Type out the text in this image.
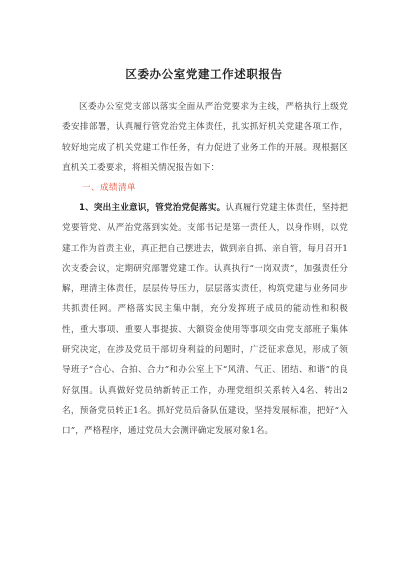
区委办公室党建工作述职报告
区委办公室党支部以落实全面从严治党要求为主线，严格执行上级党委安排部署，认真履行管党治党主体责任，扎实抓好机关党建各项工作，较好地完成了机关党建工作任务，有力促进了业务工作的开展。现根据区直机关工委要求，将相关情况报告如下：
一、成绩清单
1、突出主业意识，管党治党促落实。认真履行党建主体责任，坚持把党要管党、从严治党落到实处。支部书记是第一责任人，以身作则，以党建工作为首责主业，真正把自己摆进去，做到亲自抓、亲自管，每月召开1次支委会议，定期研究部署党建工作。认真执行“一岗双责”，加强责任分解，理清主体责任，层层传导压力，层层落实责任，构筑党建与业务同步共抓责任网。严格落实民主集中制，充分发挥班子成员的能动性和积极性，重大事项、重要人事提拔、大额资金使用等事项交由党支部班子集体研究决定，在涉及党员干部切身利益的问题时，广泛征求意见，形成了领导班子“合心、合拍、合力”和办公室上下“风清、气正、团结、和谐”的良好氛围。认真做好党员纳新转正工作，办理党组织关系转入4名、转出2名，预备党员转正1名。抓好党员后备队伍建设，坚持发展标准，把好“入口”，严格程序，通过党员大会测评确定发展对象1名。
